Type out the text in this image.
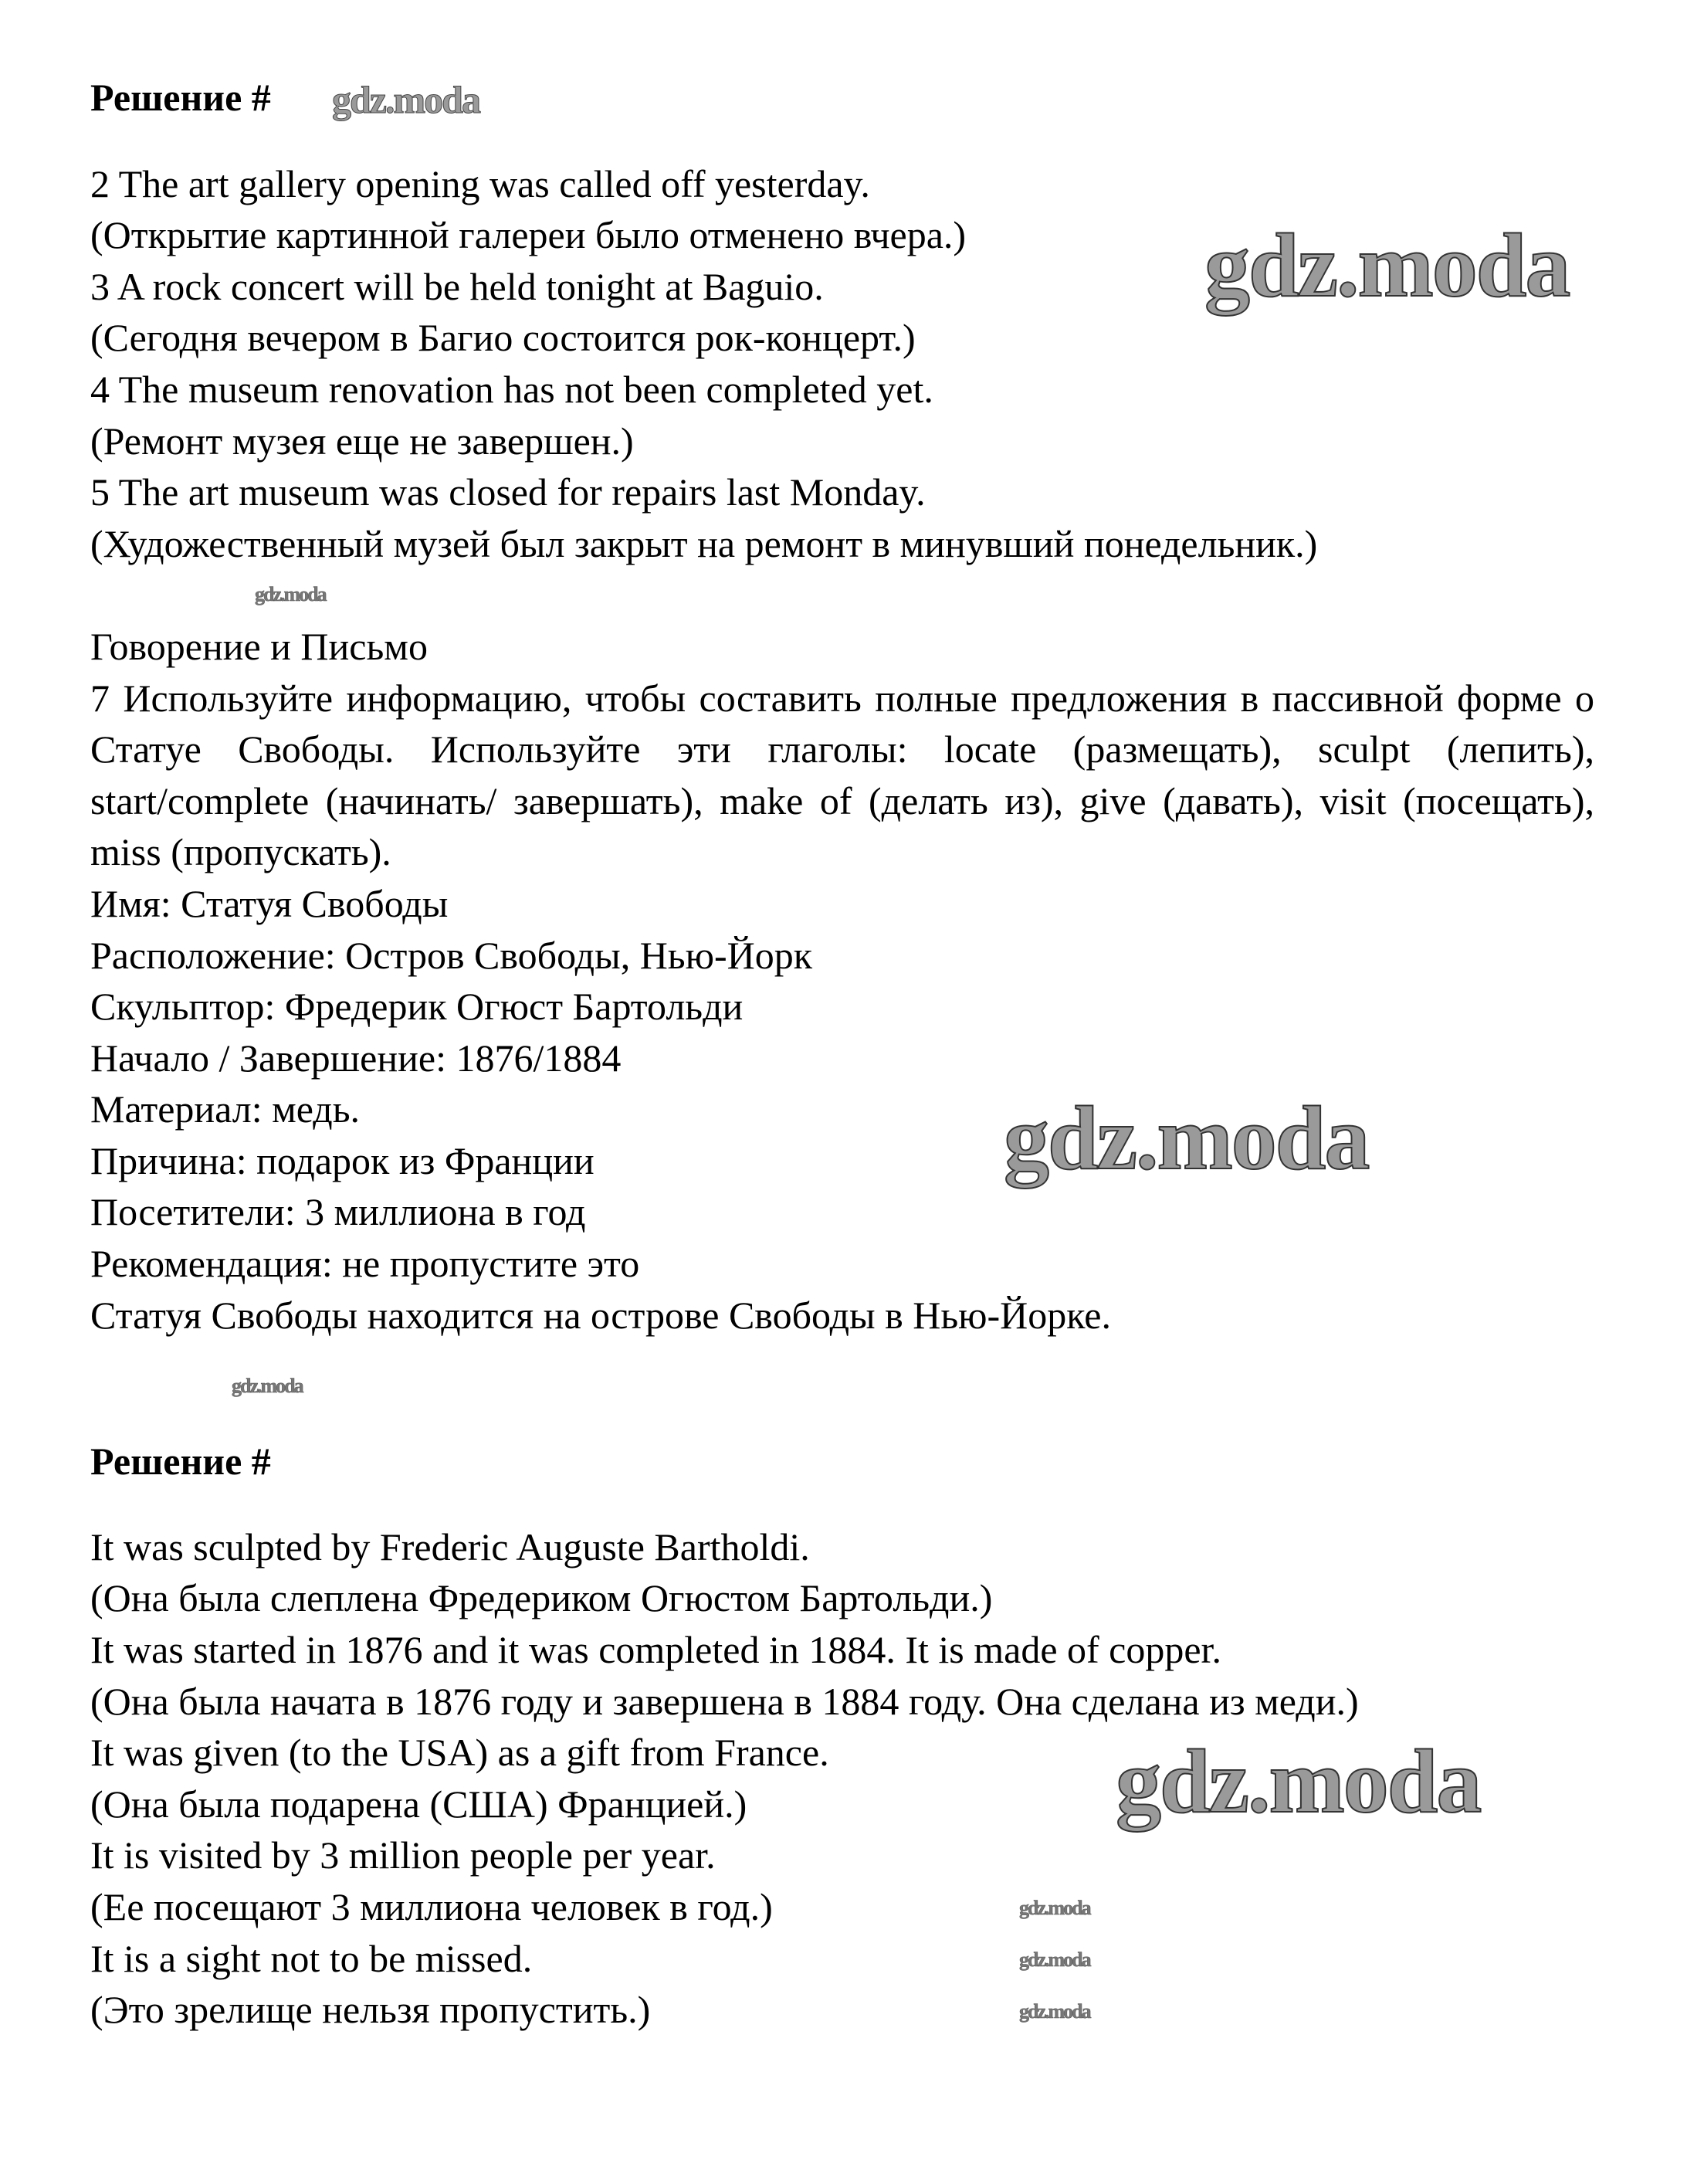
Решение #
2 The art gallery opening was called off yesterday.
(Открытие картинной галереи было отменено вчера.)
3 A rock concert will be held tonight at Baguio.
(Сегодня вечером в Багио состоится рок-концерт.)
4 The museum renovation has not been completed yet.
(Ремонт музея еще не завершен.)
5 The art museum was closed for repairs last Monday.
(Художественный музей был закрыт на ремонт в минувший понедельник.)
Говорение и Письмо
7 Используйте информацию, чтобы составить полные предложения в пассивной форме о Статуе Свободы. Используйте эти глаголы: locate (размещать), sculpt (лепить), start/complete (начинать/ завершать), make of (делать из), give (давать), visit (посещать), miss (пропускать).
Имя: Статуя Свободы
Расположение: Остров Свободы, Нью-Йорк
Скульптор: Фредерик Огюст Бартольди
Начало / Завершение: 1876/1884
Материал: медь.
Причина: подарок из Франции
Посетители: 3 миллиона в год
Рекомендация: не пропустите это
Статуя Свободы находится на острове Свободы в Нью-Йорке.
Решение #
It was sculpted by Frederic Auguste Bartholdi.
(Она была слеплена Фредериком Огюстом Бартольди.)
It was started in 1876 and it was completed in 1884. It is made of copper.
(Она была начата в 1876 году и завершена в 1884 году. Она сделана из меди.)
It was given (to the USA) as a gift from France.
(Она была подарена (США) Францией.)
It is visited by 3 million people per year.
(Ее посещают 3 миллиона человек в год.)
It is a sight not to be missed.
(Это зрелище нельзя пропустить.)
gdz.moda
gdz.moda
gdz.moda
gdz.moda
gdz.moda
gdz.moda
gdz.moda
gdz.moda
gdz.moda
